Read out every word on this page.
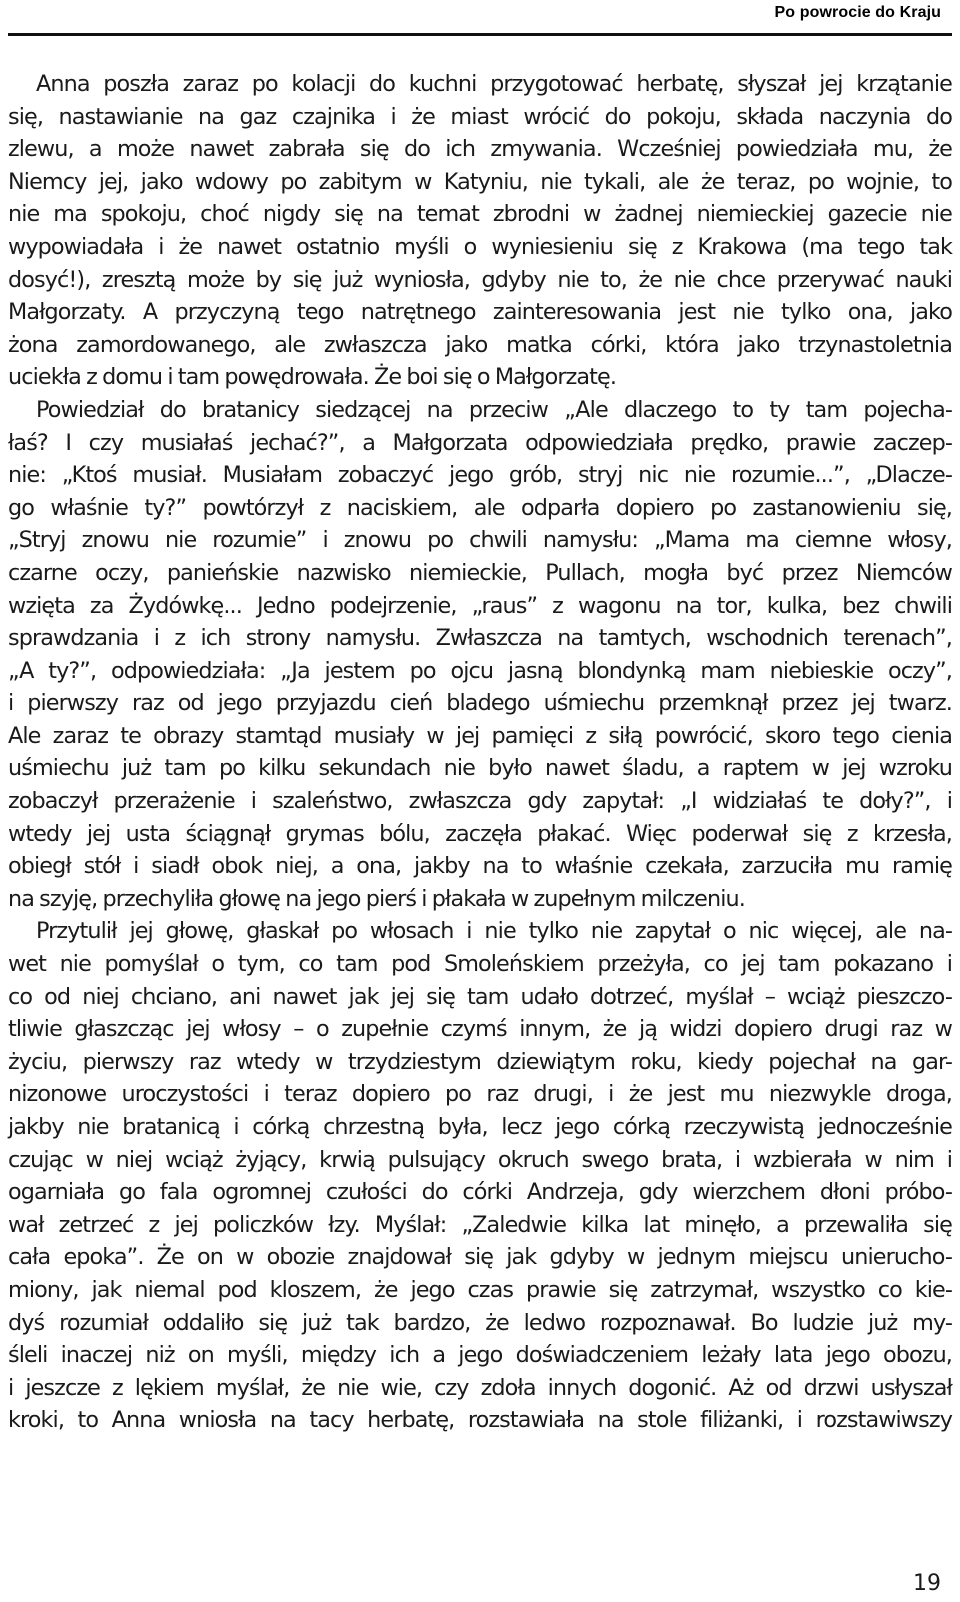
Po powrocie do Kraju
Anna poszła zaraz po kolacji do kuchni przygotować herbatę, słyszał jej krzątanie
się, nastawianie na gaz czajnika i że miast wrócić do pokoju, składa naczynia do
zlewu, a może nawet zabrała się do ich zmywania. Wcześniej powiedziała mu, że
Niemcy jej, jako wdowy po zabitym w Katyniu, nie tykali, ale że teraz, po wojnie, to
nie ma spokoju, choć nigdy się na temat zbrodni w żadnej niemieckiej gazecie nie
wypowiadała i że nawet ostatnio myśli o wyniesieniu się z Krakowa (ma tego tak
dosyć!), zresztą może by się już wyniosła, gdyby nie to, że nie chce przerywać nauki
Małgorzaty. A przyczyną tego natrętnego zainteresowania jest nie tylko ona, jako
żona zamordowanego, ale zwłaszcza jako matka córki, która jako trzynastoletnia
uciekła z domu i tam powędrowała. Że boi się o Małgorzatę.
Powiedział do bratanicy siedzącej na przeciw „Ale dlaczego to ty tam pojecha-
łaś? I czy musiałaś jechać?”, a Małgorzata odpowiedziała prędko, prawie zaczep-
nie: „Ktoś musiał. Musiałam zobaczyć jego grób, stryj nic nie rozumie...”, „Dlacze-
go właśnie ty?” powtórzył z naciskiem, ale odparła dopiero po zastanowieniu się,
„Stryj znowu nie rozumie” i znowu po chwili namysłu: „Mama ma ciemne włosy,
czarne oczy, panieńskie nazwisko niemieckie, Pullach, mogła być przez Niemców
wzięta za Żydówkę... Jedno podejrzenie, „raus” z wagonu na tor, kulka, bez chwili
sprawdzania i z ich strony namysłu. Zwłaszcza na tamtych, wschodnich terenach”,
„A ty?”, odpowiedziała: „Ja jestem po ojcu jasną blondynką mam niebieskie oczy”,
i pierwszy raz od jego przyjazdu cień bladego uśmiechu przemknął przez jej twarz.
Ale zaraz te obrazy stamtąd musiały w jej pamięci z siłą powrócić, skoro tego cienia
uśmiechu już tam po kilku sekundach nie było nawet śladu, a raptem w jej wzroku
zobaczył przerażenie i szaleństwo, zwłaszcza gdy zapytał: „I widziałaś te doły?”, i
wtedy jej usta ściągnął grymas bólu, zaczęła płakać. Więc poderwał się z krzesła,
obiegł stół i siadł obok niej, a ona, jakby na to właśnie czekała, zarzuciła mu ramię
na szyję, przechyliła głowę na jego pierś i płakała w zupełnym milczeniu.
Przytulił jej głowę, głaskał po włosach i nie tylko nie zapytał o nic więcej, ale na-
wet nie pomyślał o tym, co tam pod Smoleńskiem przeżyła, co jej tam pokazano i
co od niej chciano, ani nawet jak jej się tam udało dotrzeć, myślał – wciąż pieszczo-
tliwie głaszcząc jej włosy – o zupełnie czymś innym, że ją widzi dopiero drugi raz w
życiu, pierwszy raz wtedy w trzydziestym dziewiątym roku, kiedy pojechał na gar-
nizonowe uroczystości i teraz dopiero po raz drugi, i że jest mu niezwykle droga,
jakby nie bratanicą i córką chrzestną była, lecz jego córką rzeczywistą jednocześnie
czując w niej wciąż żyjący, krwią pulsujący okruch swego brata, i wzbierała w nim i
ogarniała go fala ogromnej czułości do córki Andrzeja, gdy wierzchem dłoni próbo-
wał zetrzeć z jej policzków łzy. Myślał: „Zaledwie kilka lat minęło, a przewaliła się
cała epoka”. Że on w obozie znajdował się jak gdyby w jednym miejscu unierucho-
miony, jak niemal pod kloszem, że jego czas prawie się zatrzymał, wszystko co kie-
dyś rozumiał oddaliło się już tak bardzo, że ledwo rozpoznawał. Bo ludzie już my-
śleli inaczej niż on myśli, między ich a jego doświadczeniem leżały lata jego obozu,
i jeszcze z lękiem myślał, że nie wie, czy zdoła innych dogonić. Aż od drzwi usłyszał
kroki, to Anna wniosła na tacy herbatę, rozstawiała na stole filiżanki, i rozstawiwszy
19
